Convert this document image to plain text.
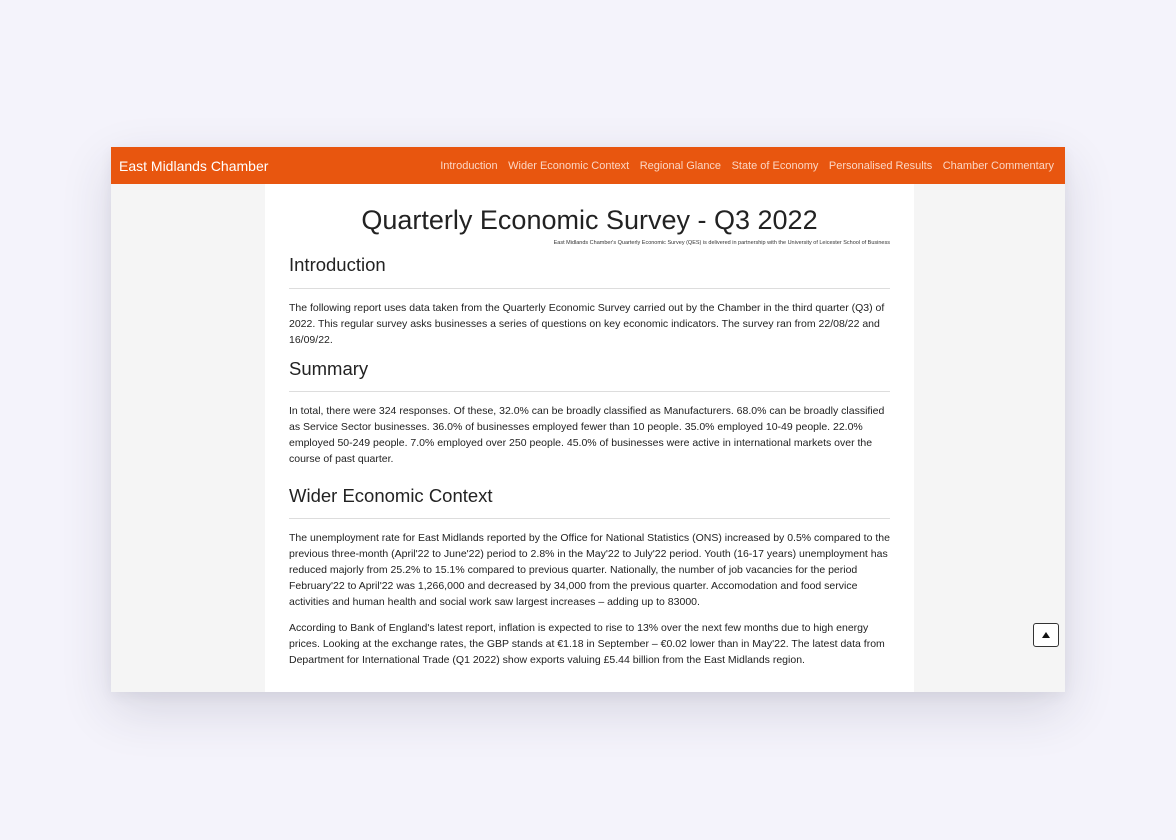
East Midlands Chamber	Introduction Wider Economic Context Regional Glance State of Economy Personalised Results Chamber Commentary
Quarterly Economic Survey - Q3 2022

East Midlands Chamber's Quarterly Economic Survey (QES) is delivered in partnership with the University of Leicester School of Business

Introduction

The following report uses data taken from the Quarterly Economic Survey carried out by the Chamber in the third quarter (Q3) of 2022. This regular survey asks businesses a series of questions on key economic indicators. The survey ran from 22/08/22 and 16/09/22.

Summary

In total, there were 324 responses. Of these, 32.0% can be broadly classified as Manufacturers. 68.0% can be broadly classified as Service Sector businesses. 36.0% of businesses employed fewer than 10 people. 35.0% employed 10-49 people. 22.0% employed 50-249 people. 7.0% employed over 250 people. 45.0% of businesses were active in international markets over the course of past quarter.

Wider Economic Context

The unemployment rate for East Midlands reported by the Office for National Statistics (ONS) increased by 0.5% compared to the previous three-month (April'22 to June'22) period to 2.8% in the May'22 to July'22 period. Youth (16-17 years) unemployment has reduced majorly from 25.2% to 15.1% compared to previous quarter. Nationally, the number of job vacancies for the period February'22 to April'22 was 1,266,000 and decreased by 34,000 from the previous quarter. Accomodation and food service activities and human health and social work saw largest increases – adding up to 83000.

According to Bank of England's latest report, inflation is expected to rise to 13% over the next few months due to high energy prices. Looking at the exchange rates, the GBP stands at €1.18 in September – €0.02 lower than in May'22. The latest data from Department for International Trade (Q1 2022) show exports valuing £5.44 billion from the East Midlands region.
